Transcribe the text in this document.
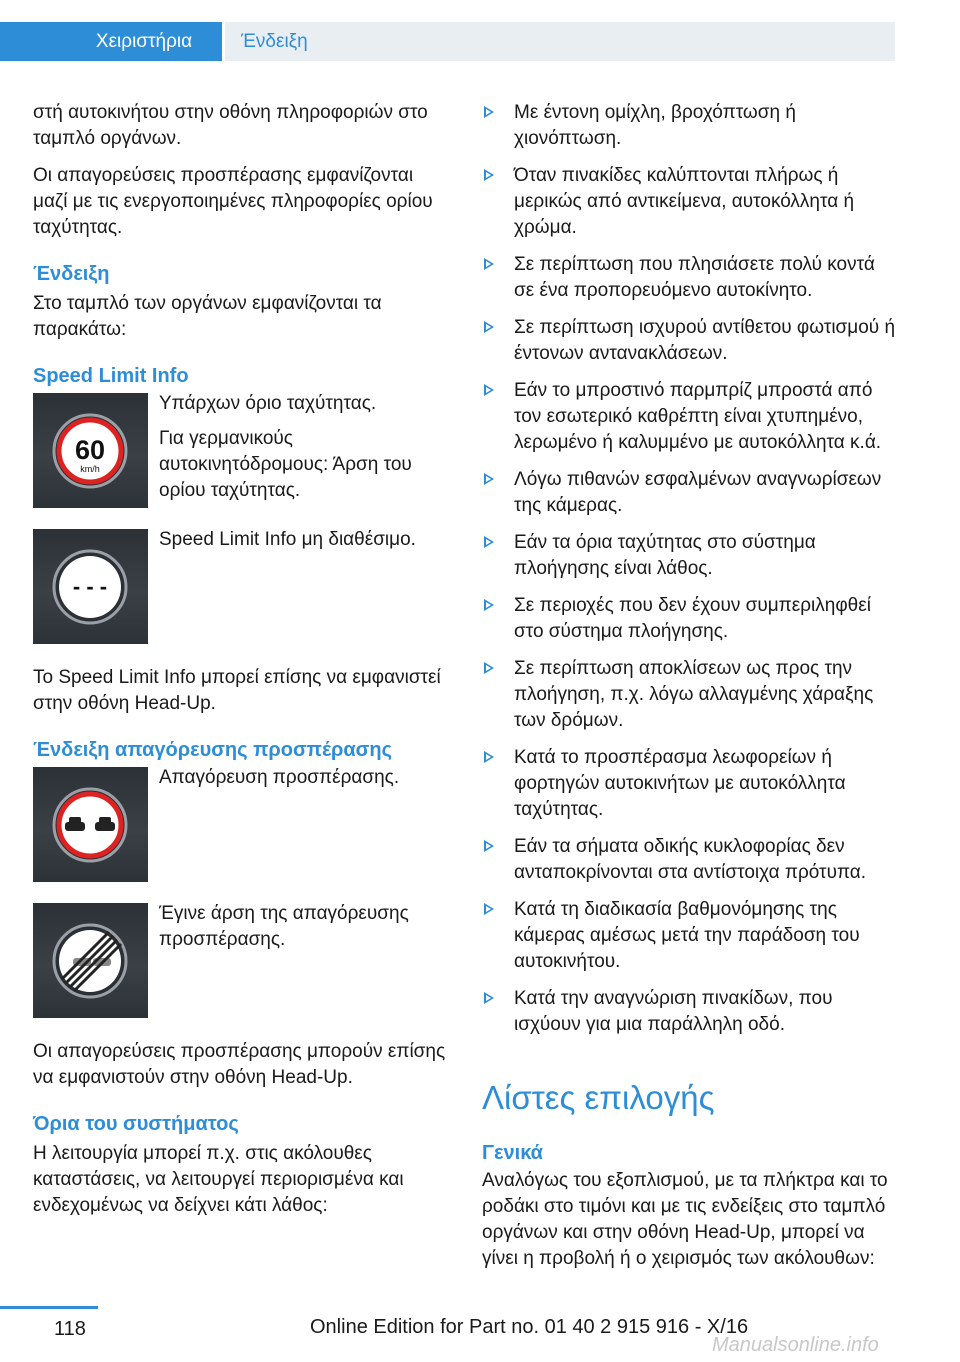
Χειριστήρια	Ένδειξη

στή αυτοκινήτου στην οθόνη πληροφοριών στο ταμπλό οργάνων.

Οι απαγορεύσεις προσπέρασης εμφανίζονται μαζί με τις ενεργοποιημένες πληροφορίες ορίου ταχύτητας.

Ένδειξη

Στο ταμπλό των οργάνων εμφανίζονται τα παρακάτω:

Speed Limit Info
60
km/h

Υπάρχων όριο ταχύτητας.

Για γερμανικούς αυτοκινητόδρομους: Άρση του ορίου ταχύτητας.

- - -

Speed Limit Info μη διαθέσιμο.

Το Speed Limit Info μπορεί επίσης να εμφανιστεί στην οθόνη Head-Up.

Ένδειξη απαγόρευσης προσπέρασης

Απαγόρευση προσπέρασης.

Έγινε άρση της απαγόρευσης προσπέρασης.

Οι απαγορεύσεις προσπέρασης μπορούν επίσης να εμφανιστούν στην οθόνη Head-Up.

Όρια του συστήματος

Η λειτουργία μπορεί π.χ. στις ακόλουθες καταστάσεις, να λειτουργεί περιορισμένα και ενδεχομένως να δείχνει κάτι λάθος:

Με έντονη ομίχλη, βροχόπτωση ή χιονόπτωση.
Όταν πινακίδες καλύπτονται πλήρως ή μερικώς από αντικείμενα, αυτοκόλλητα ή χρώμα.
Σε περίπτωση που πλησιάσετε πολύ κοντά σε ένα προπορευόμενο αυτοκίνητο.
Σε περίπτωση ισχυρού αντίθετου φωτισμού ή έντονων αντανακλάσεων.
Εάν το μπροστινό παρμπρίζ μπροστά από τον εσωτερικό καθρέπτη είναι χτυπημένο, λερωμένο ή καλυμμένο με αυτοκόλλητα κ.ά.
Λόγω πιθανών εσφαλμένων αναγνωρίσεων της κάμερας.
Εάν τα όρια ταχύτητας στο σύστημα πλοήγησης είναι λάθος.
Σε περιοχές που δεν έχουν συμπεριληφθεί στο σύστημα πλοήγησης.
Σε περίπτωση αποκλίσεων ως προς την πλοήγηση, π.χ. λόγω αλλαγμένης χάραξης των δρόμων.
Κατά το προσπέρασμα λεωφορείων ή φορτηγών αυτοκινήτων με αυτοκόλλητα ταχύτητας.
Εάν τα σήματα οδικής κυκλοφορίας δεν ανταποκρίνονται στα αντίστοιχα πρότυπα.
Κατά τη διαδικασία βαθμονόμησης της κάμερας αμέσως μετά την παράδοση του αυτοκινήτου.
Κατά την αναγνώριση πινακίδων, που ισχύουν για μια παράλληλη οδό.
Λίστες επιλογής
Γενικά

Αναλόγως του εξοπλισμού, με τα πλήκτρα και το ροδάκι στο τιμόνι και με τις ενδείξεις στο ταμπλό οργάνων και στην οθόνη Head-Up, μπορεί να γίνει η προβολή ή ο χειρισμός των ακόλουθων:

118	Online Edition for Part no. 01 40 2 915 916 - X/16
Manualsonline.info
